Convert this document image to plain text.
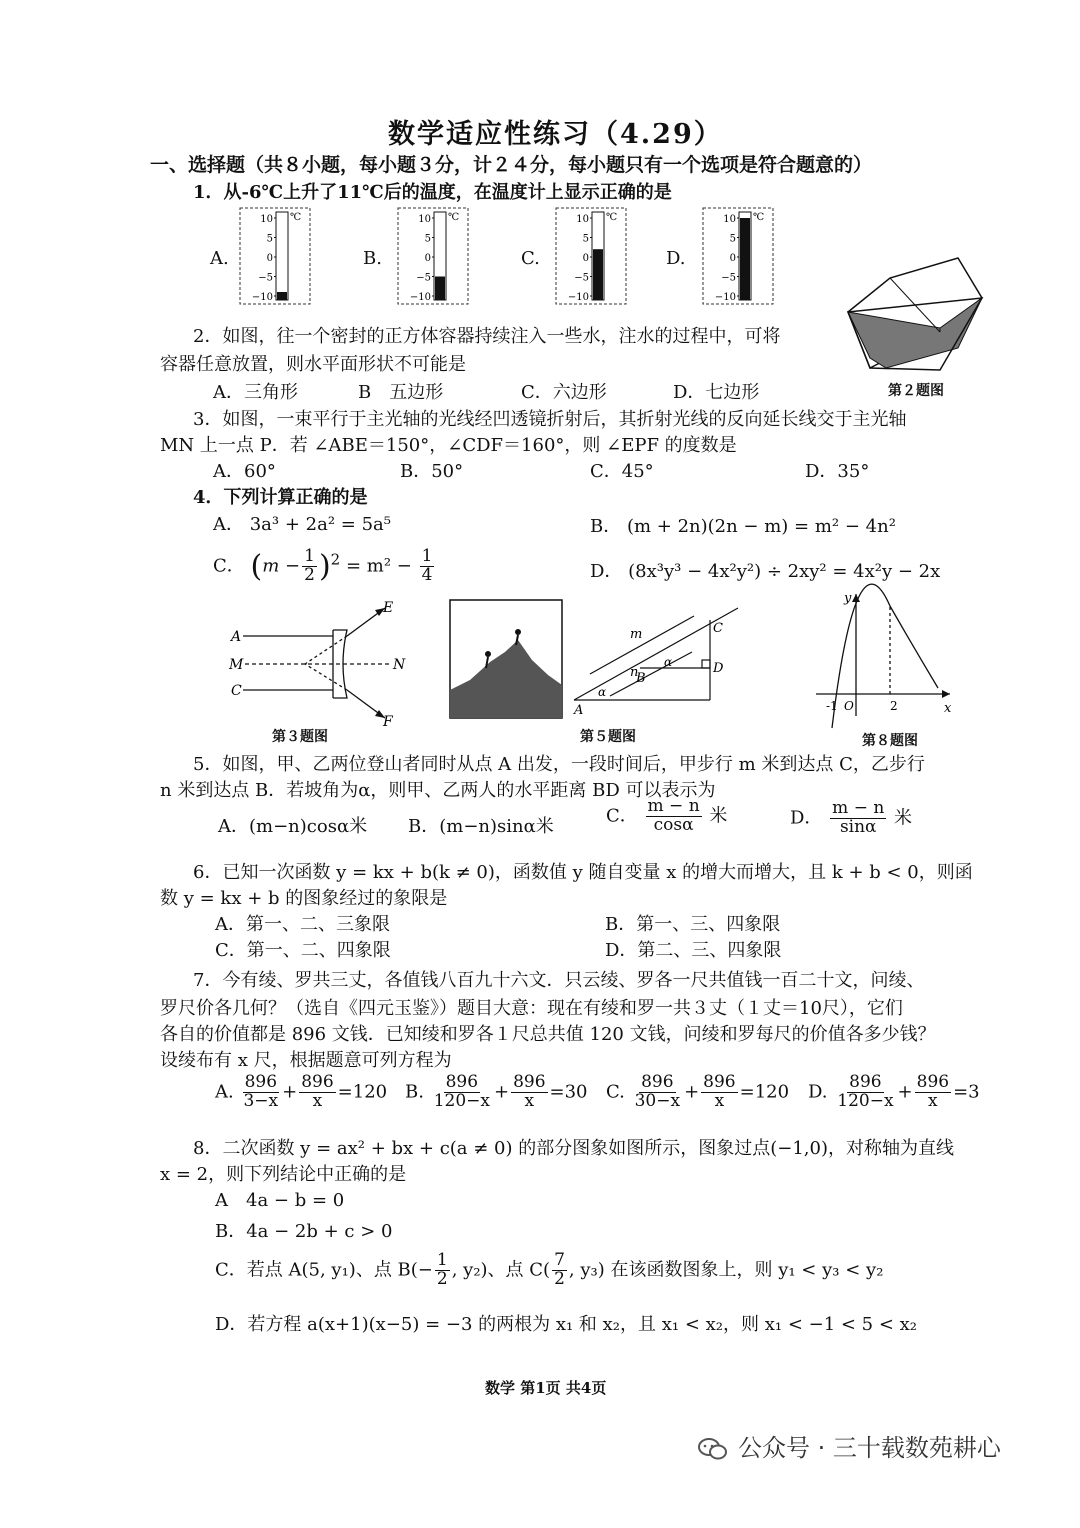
数学适应性练习（4.29）
一、选择题（共８小题，每小题３分，计２４分，每小题只有一个选项是符合题意的）
1．从-6℃上升了11℃后的温度，在温度计上显示正确的是
A.	B.	C.	D.
10
5
0
−5
−10
℃	10
5
0
−5
−10
℃	10
5
0
−5
−10
℃	10
5
0
−5
−10
℃
第２题图
2．如图，往一个密封的正方体容器持续注入一些水，注水的过程中，可将
容器任意放置，则水平面形状不可能是
A．三角形	B　五边形	C．六边形	D．七边形
3．如图，一束平行于主光轴的光线经凹透镜折射后，其折射光线的反向延长线交于主光轴
MN 上一点 P．若 ∠ABE＝150°，∠CDF＝160°，则 ∠EPF 的度数是
A．60°	B．50°	C．45°	D．35°
4．下列计算正确的是
A． 3a³ + 2a² = 5a⁵	B． (m + 2n)(2n − m) = m² − 4n²
C． $(m - \frac{1}{2} )^2 = m^2 - \frac{1}{4}$	D． (8x³y³ − 4x²y²) ÷ 2xy² = 4x²y − 2x
A
M
C
E
N
F
第３题图
m
n
C
D
B
A
α
α
第５题图
y
x
-1 O	2
第８题图
5．如图，甲、乙两位登山者同时从点 A 出发，一段时间后，甲步行 m 米到达点 C，乙步行
n 米到达点 B．若坡角为α，则甲、乙两人的水平距离 BD 可以表示为
A．(m−n)cosα米 B．(m−n)sinα米
C． $\frac{m - n}{\cos\alpha}$ 米	D． $\frac{m - n}{\sin\alpha}$ 米
6．已知一次函数 y = kx + b(k ≠ 0)，函数值 y 随自变量 x 的增大而增大，且 k + b < 0，则函
数 y = kx + b 的图象经过的象限是
A．第一、二、三象限	B．第一、三、四象限
C．第一、二、四象限	D．第二、三、四象限
7．今有绫、罗共三丈，各值钱八百九十六文．只云绫、罗各一尺共值钱一百二十文，问绫、
罗尺价各几何？（选自《四元玉鉴》）题目大意：现在有绫和罗一共３丈（１丈＝10尺），它们
各自的价值都是 896 文钱．已知绫和罗各１尺总共值 120 文钱，问绫和罗每尺的价值各多少钱？
设绫布有 x 尺，根据题意可列方程为
A. $\frac{896}{3-x} + \frac{896}{x} =120$ B. $\frac{896}{120-x} + \frac{896}{x} =30$ C. $\frac{896}{30-x} + \frac{896}{x} =120$ D. $\frac{896}{120-x} + \frac{896}{x} =3$
8．二次函数 y = ax² + bx + c(a ≠ 0) 的部分图象如图所示，图象过点(−1,0)，对称轴为直线
x = 2，则下列结论中正确的是
A　4a − b = 0
B．4a − 2b + c > 0
C．若点 A(5, y₁)、点 $B(- \frac{1}{2}$ , y₂)、点 $C( \frac{7}{2}$ , y₃) 在该函数图象上，则 y₁ < y₃ < y₂
D．若方程 a(x+1)(x−5) = −3 的两根为 x₁ 和 x₂，且 x₁ < x₂，则 x₁ < −1 < 5 < x₂
数学 第1页 共4页
公众号 · 三十载数苑耕心
